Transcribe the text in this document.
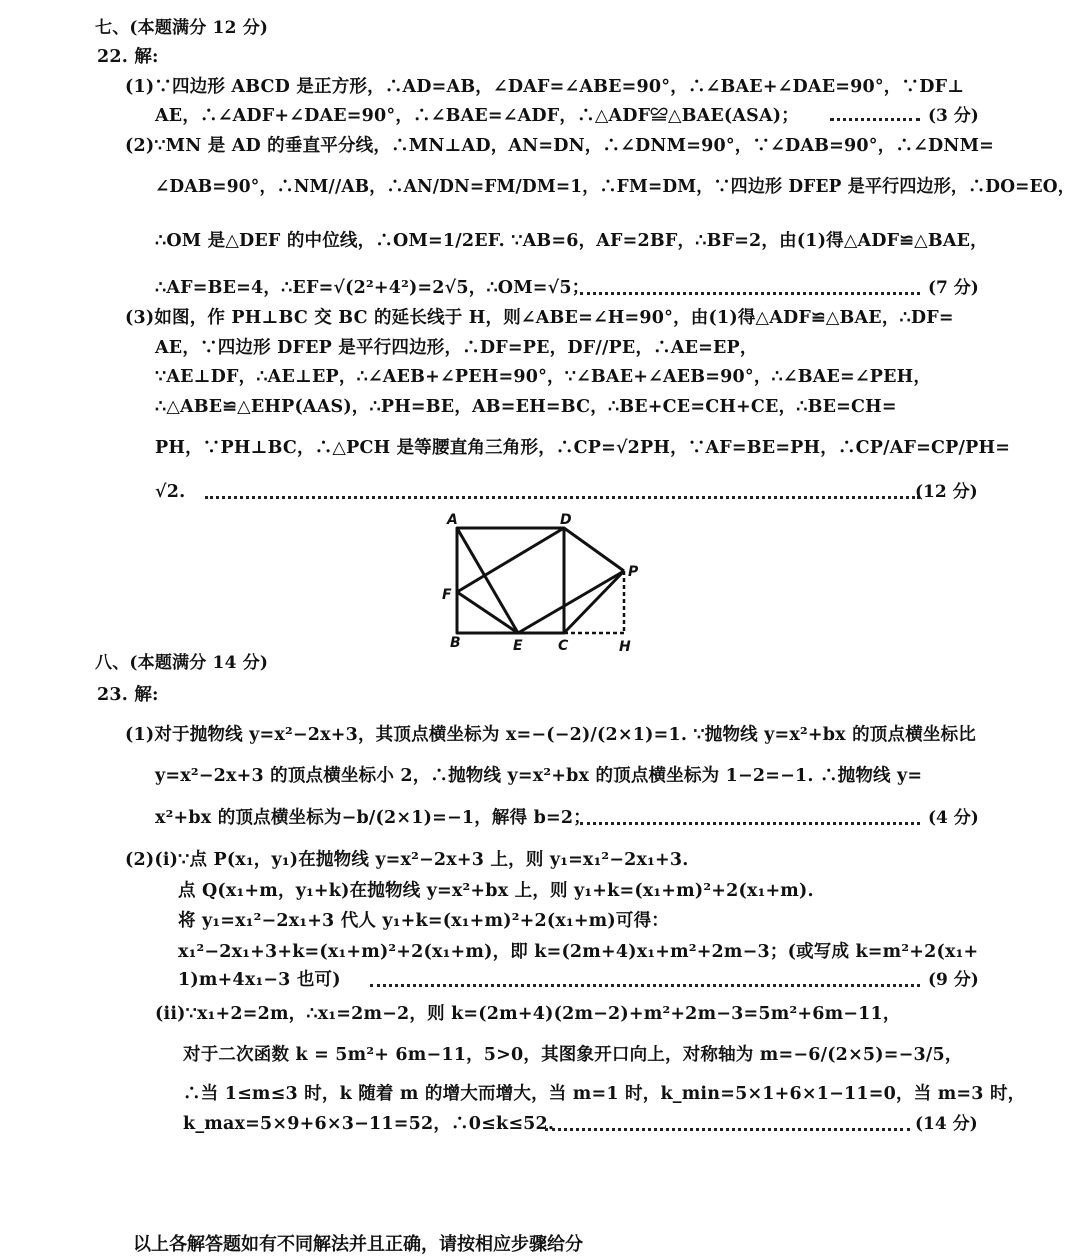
七、(本题满分 12 分)
22. 解:
(1)∵四边形 ABCD 是正方形，∴AD=AB，∠DAF=∠ABE=90°，∴∠BAE+∠DAE=90°，∵DF⊥
AE，∴∠ADF+∠DAE=90°，∴∠BAE=∠ADF，∴△ADF≌△BAE(ASA)；	(3 分)
(2)∵MN 是 AD 的垂直平分线，∴MN⊥AD，AN=DN，∴∠DNM=90°，∵∠DAB=90°，∴∠DNM=
∠DAB=90°，∴NM//AB，∴AN/DN=FM/DM=1，∴FM=DM，∵四边形 DFEP 是平行四边形，∴DO=EO，
∴OM 是△DEF 的中位线，∴OM=1/2EF. ∵AB=6，AF=2BF，∴BF=2，由(1)得△ADF≌△BAE，
∴AF=BE=4，∴EF=√(2²+4²)=2√5，∴OM=√5；	(7 分)
(3)如图，作 PH⊥BC 交 BC 的延长线于 H，则∠ABE=∠H=90°，由(1)得△ADF≌△BAE，∴DF=
AE，∵四边形 DFEP 是平行四边形，∴DF=PE，DF//PE，∴AE=EP，
∵AE⊥DF，∴AE⊥EP，∴∠AEB+∠PEH=90°，∵∠BAE+∠AEB=90°，∴∠BAE=∠PEH，
∴△ABE≌△EHP(AAS)，∴PH=BE，AB=EH=BC，∴BE+CE=CH+CE，∴BE=CH=
PH，∵PH⊥BC，∴△PCH 是等腰直角三角形，∴CP=√2PH，∵AF=BE=PH，∴CP/AF=CP/PH=
√2.	(12 分)
A	D
P
F
B	E	C	H
八、(本题满分 14 分)
23. 解:
(1)对于抛物线 y=x²−2x+3，其顶点横坐标为 x=−(−2)/(2×1)=1. ∵抛物线 y=x²+bx 的顶点横坐标比
y=x²−2x+3 的顶点横坐标小 2，∴抛物线 y=x²+bx 的顶点横坐标为 1−2=−1. ∴抛物线 y=
x²+bx 的顶点横坐标为−b/(2×1)=−1，解得 b=2；	(4 分)
(2)(i)∵点 P(x₁，y₁)在抛物线 y=x²−2x+3 上，则 y₁=x₁²−2x₁+3.
点 Q(x₁+m，y₁+k)在抛物线 y=x²+bx 上，则 y₁+k=(x₁+m)²+2(x₁+m).
将 y₁=x₁²−2x₁+3 代人 y₁+k=(x₁+m)²+2(x₁+m)可得：
x₁²−2x₁+3+k=(x₁+m)²+2(x₁+m)，即 k=(2m+4)x₁+m²+2m−3；(或写成 k=m²+2(x₁+
1)m+4x₁−3 也可)	(9 分)
(ii)∵x₁+2=2m，∴x₁=2m−2，则 k=(2m+4)(2m−2)+m²+2m−3=5m²+6m−11，
对于二次函数 k = 5m²+ 6m−11，5>0，其图象开口向上，对称轴为 m=−6/(2×5)=−3/5，
∴当 1≤m≤3 时，k 随着 m 的增大而增大，当 m=1 时，k_min=5×1+6×1−11=0，当 m=3 时，
k_max=5×9+6×3−11=52，∴0≤k≤52.	(14 分)
以上各解答题如有不同解法并且正确，请按相应步骤给分
